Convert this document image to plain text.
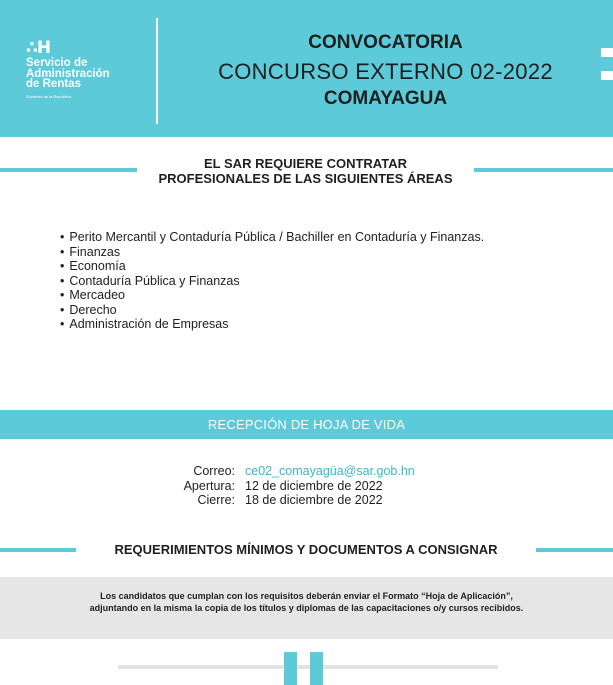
∴H
Servicio de
Administración
de Rentas
Gobierno de la República
CONVOCATORIA
CONCURSO EXTERNO 02-2022
COMAYAGUA
EL SAR REQUIERE CONTRATAR
PROFESIONALES DE LAS SIGUIENTES ÁREAS
• Perito Mercantil y Contaduría Pública / Bachiller en Contaduría y Finanzas.
• Finanzas
• Economía
• Contaduría Pública y Finanzas
• Mercadeo
• Derecho
• Administración de Empresas
RECEPCIÓN DE HOJA DE VIDA
Correo: ce02_comayagüa@sar.gob.hn
Apertura: 12 de diciembre de 2022
Cierre: 18 de diciembre de 2022
REQUERIMIENTOS MÍNIMOS Y DOCUMENTOS A CONSIGNAR

Los candidatos que cumplan con los requisitos deberán enviar el Formato “Hoja de Aplicación”,
adjuntando en la misma la copia de los títulos y diplomas de las capacitaciones o/y cursos recibidos.
